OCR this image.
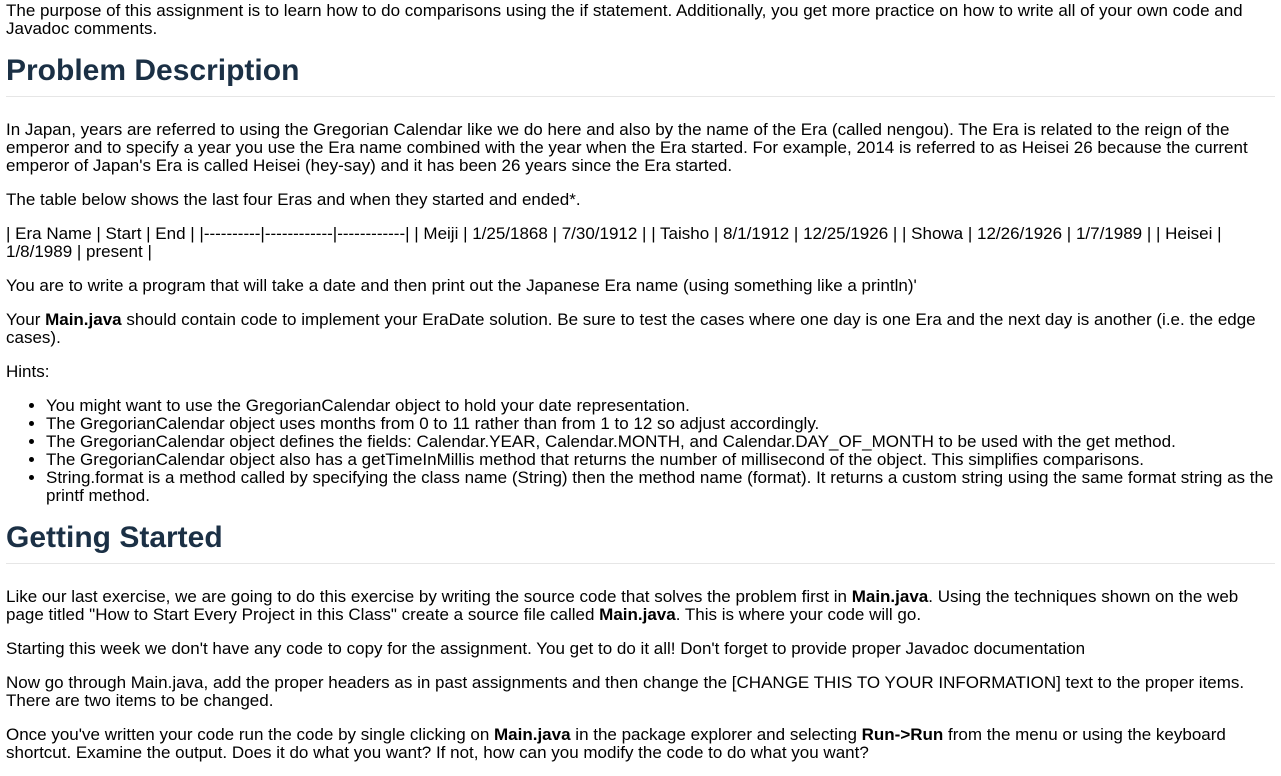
The purpose of this assignment is to learn how to do comparisons using the if statement. Additionally, you get more practice on how to write all of your own code and Javadoc comments.

Problem Description

In Japan, years are referred to using the Gregorian Calendar like we do here and also by the name of the Era (called nengou). The Era is related to the reign of the emperor and to specify a year you use the Era name combined with the year when the Era started. For example, 2014 is referred to as Heisei 26 because the current emperor of Japan's Era is called Heisei (hey-say) and it has been 26 years since the Era started.

The table below shows the last four Eras and when they started and ended*.

| Era Name | Start | End | |----------|------------|------------| | Meiji | 1/25/1868 | 7/30/1912 | | Taisho | 8/1/1912 | 12/25/1926 | | Showa | 12/26/1926 | 1/7/1989 | | Heisei | 1/8/1989 | present |

You are to write a program that will take a date and then print out the Japanese Era name (using something like a println)'

Your Main.java should contain code to implement your EraDate solution. Be sure to test the cases where one day is one Era and the next day is another (i.e. the edge cases).

Hints:

• You might want to use the GregorianCalendar object to hold your date representation.
• The GregorianCalendar object uses months from 0 to 11 rather than from 1 to 12 so adjust accordingly.
• The GregorianCalendar object defines the fields: Calendar.YEAR, Calendar.MONTH, and Calendar.DAY_OF_MONTH to be used with the get method.
• The GregorianCalendar object also has a getTimeInMillis method that returns the number of millisecond of the object. This simplifies comparisons.
• String.format is a method called by specifying the class name (String) then the method name (format). It returns a custom string using the same format string as the printf method.
Getting Started

Like our last exercise, we are going to do this exercise by writing the source code that solves the problem first in Main.java. Using the techniques shown on the web page titled "How to Start Every Project in this Class" create a source file called Main.java. This is where your code will go.

Starting this week we don't have any code to copy for the assignment. You get to do it all! Don't forget to provide proper Javadoc documentation

Now go through Main.java, add the proper headers as in past assignments and then change the [CHANGE THIS TO YOUR INFORMATION] text to the proper items. There are two items to be changed.

Once you've written your code run the code by single clicking on Main.java in the package explorer and selecting Run->Run from the menu or using the keyboard shortcut. Examine the output. Does it do what you want? If not, how can you modify the code to do what you want?
